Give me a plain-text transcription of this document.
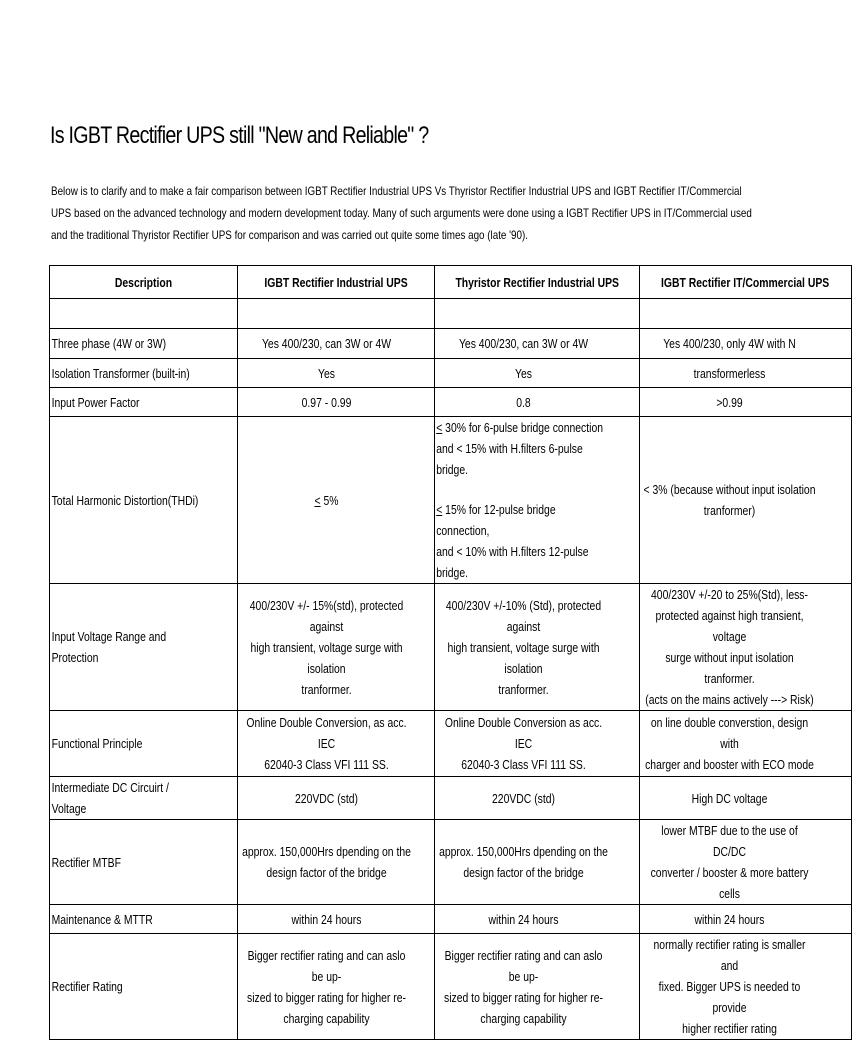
Is IGBT Rectifier UPS still "New and Reliable" ?
Below is to clarify and to make a fair comparison between IGBT Rectifier Industrial UPS Vs Thyristor Rectifier Industrial UPS and IGBT Rectifier IT/Commercial
UPS based on the advanced technology and modern development today. Many of such arguments were done using a IGBT Rectifier UPS in IT/Commercial used
and the traditional Thyristor Rectifier UPS for comparison and was carried out quite some times ago (late '90).
Description	IGBT Rectifier Industrial UPS	Thyristor Rectifier Industrial UPS	IGBT Rectifier IT/Commercial UPS

Three phase (4W or 3W)	Yes 400/230, can 3W or 4W	Yes 400/230, can 3W or 4W	Yes 400/230, only 4W with N

Isolation Transformer (built-in)	Yes	Yes	transformerless

Input Power Factor	0.97 - 0.99	0.8	>0.99

Total Harmonic Distortion(THDi)	≤ 5%	≤ 30% for 6-pulse bridge connection
and < 15% with H.filters 6-pulse bridge.
≤ 15% for 12-pulse bridge connection,
and < 10% with H.filters 12-pulse bridge.	< 3% (because without input isolation
tranformer)

Input Voltage Range and Protection	400/230V +/- 15%(std), protected against
high transient, voltage surge with isolation
tranformer.	400/230V +/-10% (Std), protected against
high transient, voltage surge with isolation
tranformer.	400/230V +/-20 to 25%(Std), less-
protected against high transient, voltage
surge without input isolation tranformer.
(acts on the mains actively ---> Risk)

Functional Principle	Online Double Conversion, as acc. IEC
62040-3 Class VFI 111 SS.	Online Double Conversion as acc. IEC
62040-3 Class VFI 111 SS.	on line double converstion, design with
charger and booster with ECO mode

Intermediate DC Circuirt / Voltage	220VDC (std)	220VDC (std)	High DC voltage

Rectifier MTBF	approx. 150,000Hrs dpending on the
design factor of the bridge	approx. 150,000Hrs dpending on the
design factor of the bridge	lower MTBF due to the use of DC/DC
converter / booster & more battery cells

Maintenance & MTTR	within 24 hours	within 24 hours	within 24 hours

Rectifier Rating	Bigger rectifier rating and can aslo be up-
sized to bigger rating for higher re-
charging capability	Bigger rectifier rating and can aslo be up-
sized to bigger rating for higher re-
charging capability	normally rectifier rating is smaller and
fixed. Bigger UPS is needed to provide
higher rectifier rating
